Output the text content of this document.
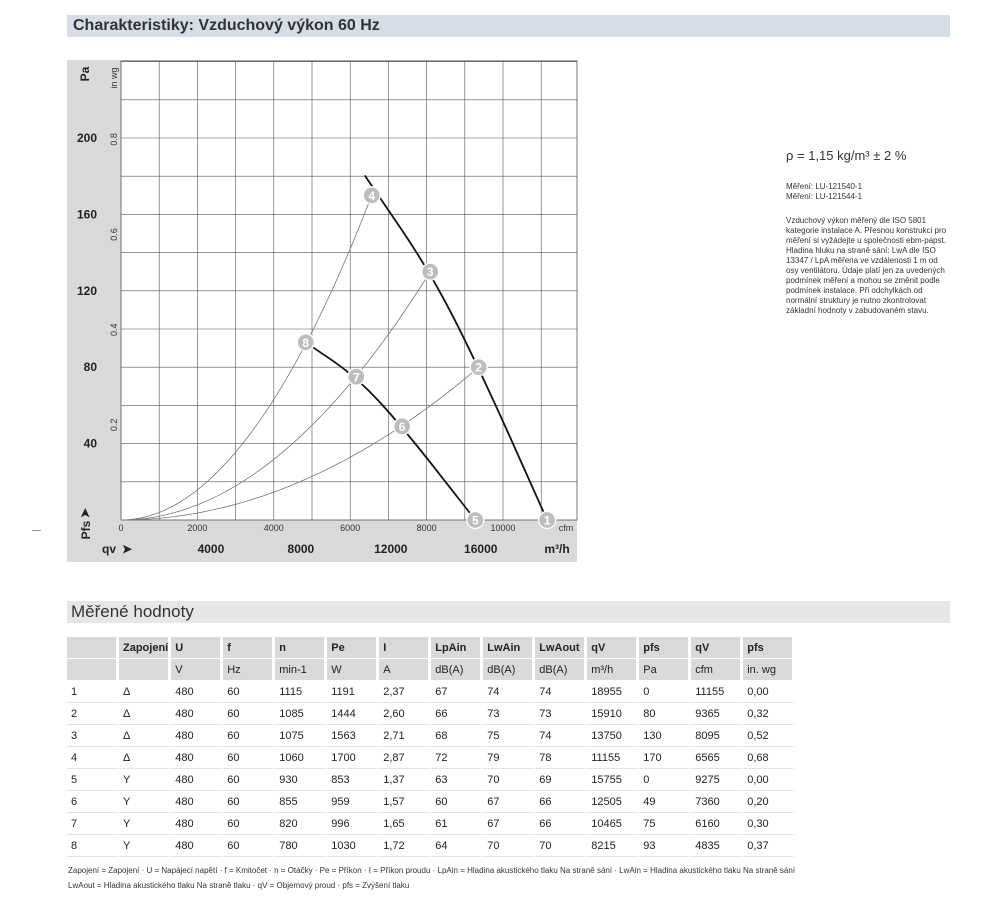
Charakteristiky: Vzduchový výkon 60 Hz
40
80
120
160
200
0.2
0.4
0.6
0.8
0	2000	4000	6000	8000	10000	cfm
4000	8000	12000	16000	m³/h
Pa in wg
Pfs
➤
qv ➤
1
2
3
4
5
6
7
8
ρ = 1,15 kg/m³ ± 2 %
Měření: LU-121540-1
Měření: LU-121544-1
Vzduchový výkon měřený dle ISO 5801 kategorie instalace A. Přesnou konstrukci pro měření si vyžádejte u společnosti ebm-papst. Hladina hluku na straně sání: LwA dle ISO 13347 / LpA měřena ve vzdálenosti 1 m od osy ventilátoru. Údaje platí jen za uvedených podmínek měření a mohou se změnit podle podmínek instalace. Při odchylkách od normální struktury je nutno zkontrolovat základní hodnoty v zabudovaném stavu.
Měřené hodnoty
	Zapojení	U	f	n	Pe	I	LpAin	LwAin	LwAout	qV	pfs	qV	pfs
		V	Hz	min-1	W	A	dB(A)	dB(A)	dB(A)	m³/h	Pa	cfm	in. wg
1	Δ	480	60	1115	1191	2,37	67	74	74	18955	0	11155	0,00
2	Δ	480	60	1085	1444	2,60	66	73	73	15910	80	9365	0,32
3	Δ	480	60	1075	1563	2,71	68	75	74	13750	130	8095	0,52
4	Δ	480	60	1060	1700	2,87	72	79	78	11155	170	6565	0,68
5	Y	480	60	930	853	1,37	63	70	69	15755	0	9275	0,00
6	Y	480	60	855	959	1,57	60	67	66	12505	49	7360	0,20
7	Y	480	60	820	996	1,65	61	67	66	10465	75	6160	0,30
8	Y	480	60	780	1030	1,72	64	70	70	8215	93	4835	0,37
Zapojení = Zapojení · U = Napájecí napětí · f = Kmitočet · n = Otáčky · Pe = Příkon · I = Příkon proudu · LpAin = Hladina akustického tlaku Na straně sání · LwAin = Hladina akustického tlaku Na straně sání
LwAout = Hladina akustického tlaku Na straně tlaku · qV = Objemový proud · pfs = Zvýšení tlaku
